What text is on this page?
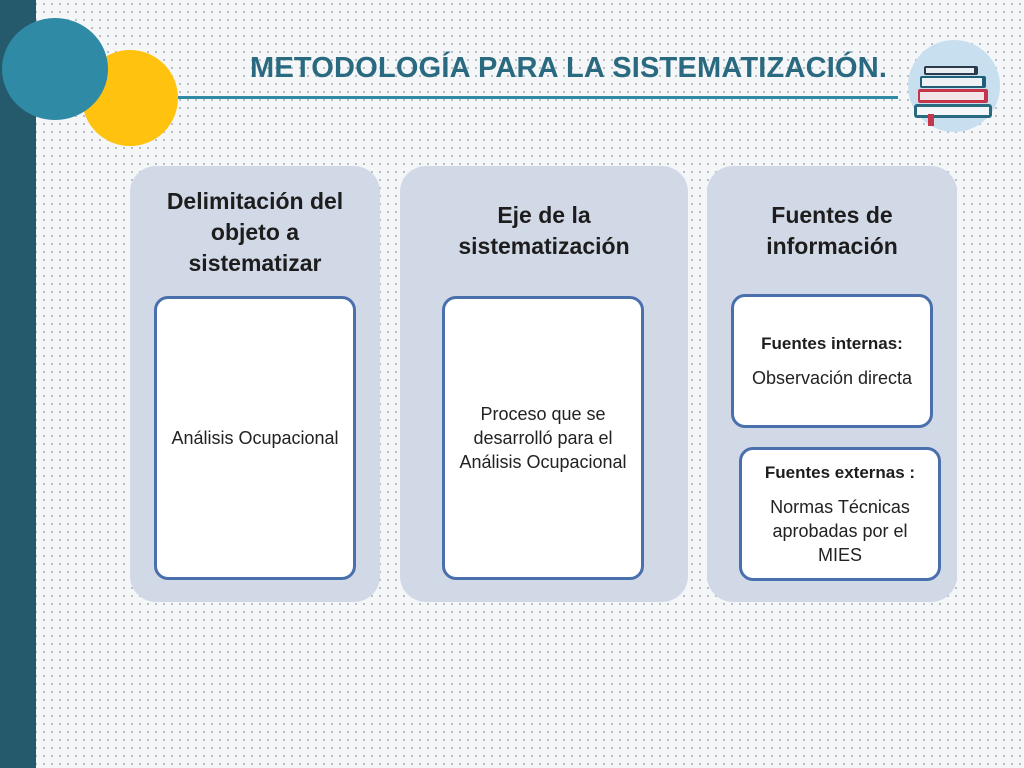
METODOLOGÍA PARA LA SISTEMATIZACIÓN.
Delimitación del objeto a sistematizar
Análisis Ocupacional
Eje de la sistematización
Proceso que se desarrolló para el Análisis Ocupacional
Fuentes de información
Fuentes internas:
Observación directa
Fuentes externas :
Normas Técnicas aprobadas por el MIES
